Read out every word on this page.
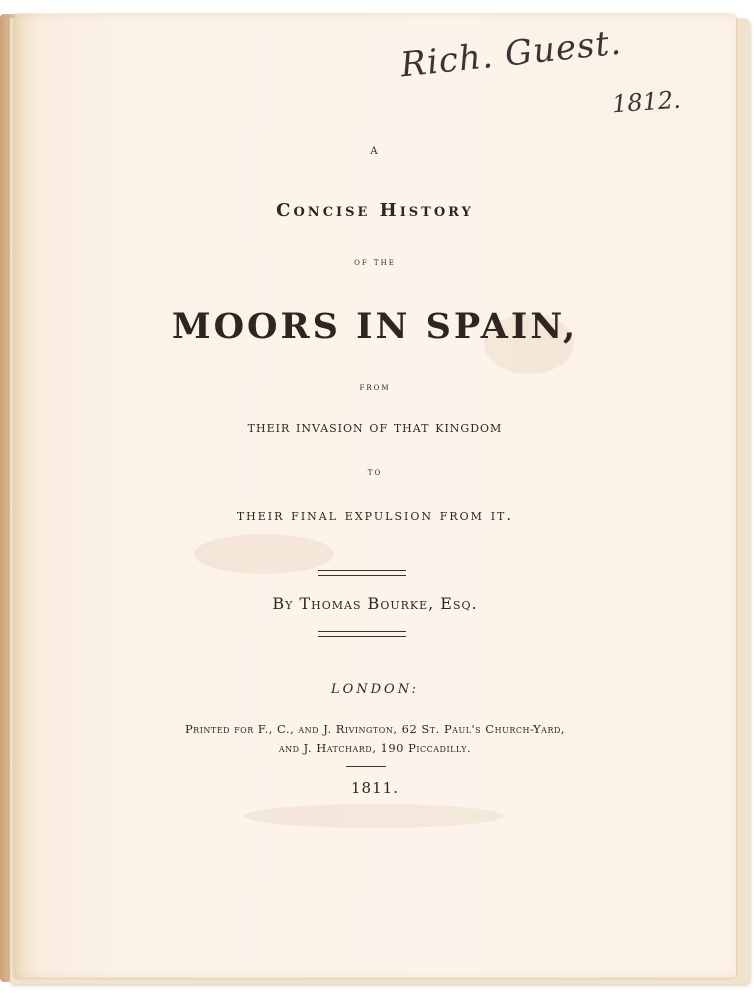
Rich. Guest.
1812.
A
Concise History
of the
MOORS IN SPAIN,
from
their invasion of that kingdom
to
their final expulsion from it.
By Thomas Bourke, Esq.
LONDON:
Printed for F., C., and J. Rivington, 62 St. Paul's Church-Yard,
and J. Hatchard, 190 Piccadilly.
1811.
